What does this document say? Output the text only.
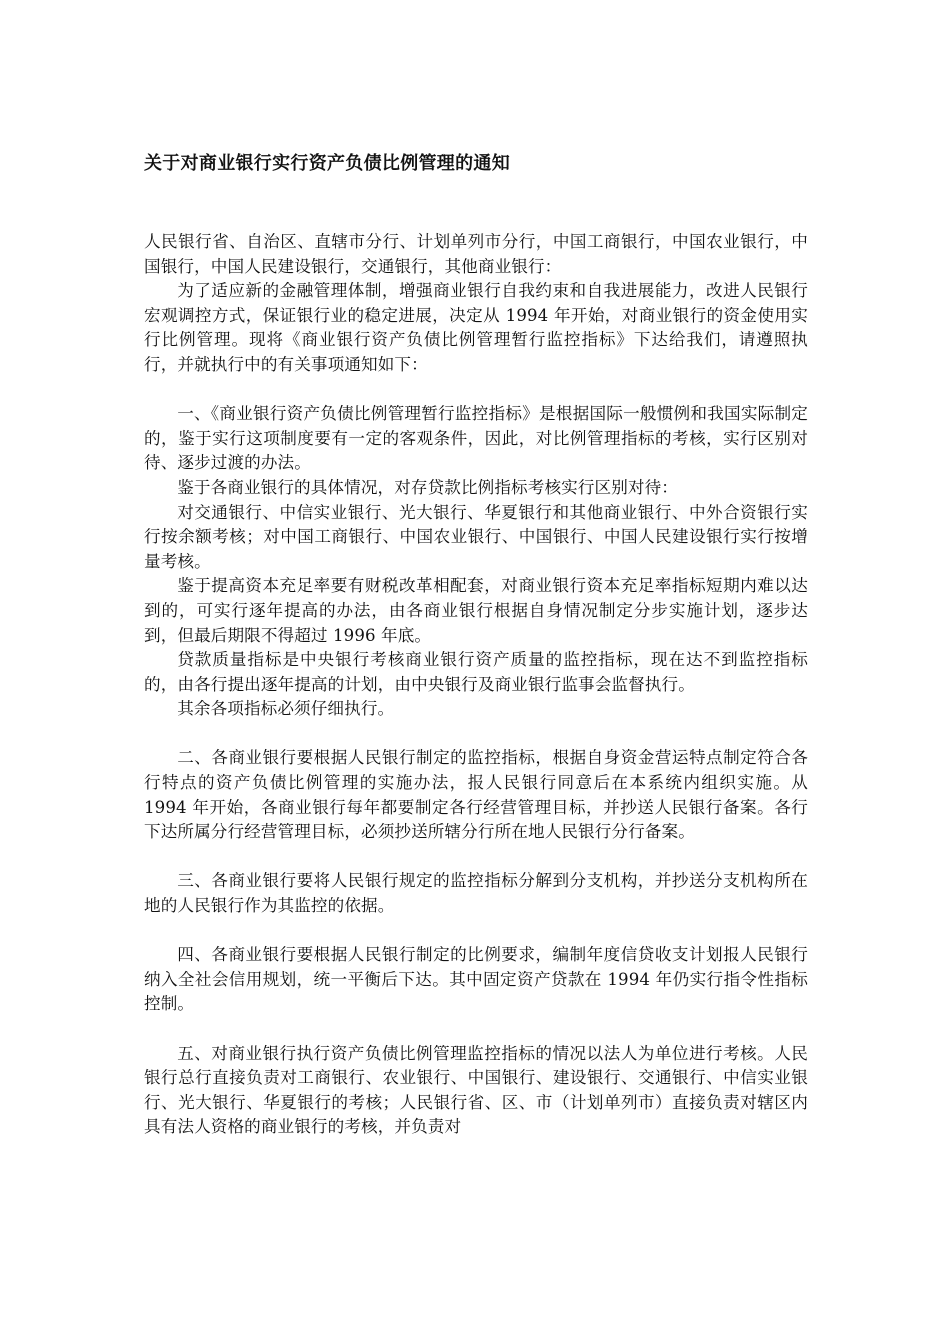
关于对商业银行实行资产负债比例管理的通知

人民银行省、自治区、直辖市分行、计划单列市分行，中国工商银行，中国农业银行，中国银行，中国人民建设银行，交通银行，其他商业银行：

为了适应新的金融管理体制，增强商业银行自我约束和自我进展能力，改进人民银行宏观调控方式，保证银行业的稳定进展，决定从 1994 年开始，对商业银行的资金使用实行比例管理。现将《商业银行资产负债比例管理暂行监控指标》下达给我们，请遵照执行，并就执行中的有关事项通知如下：

一、《商业银行资产负债比例管理暂行监控指标》是根据国际一般惯例和我国实际制定的，鉴于实行这项制度要有一定的客观条件，因此，对比例管理指标的考核，实行区别对待、逐步过渡的办法。

鉴于各商业银行的具体情况，对存贷款比例指标考核实行区别对待：

对交通银行、中信实业银行、光大银行、华夏银行和其他商业银行、中外合资银行实行按余额考核；对中国工商银行、中国农业银行、中国银行、中国人民建设银行实行按增量考核。

鉴于提高资本充足率要有财税改革相配套，对商业银行资本充足率指标短期内难以达到的，可实行逐年提高的办法，由各商业银行根据自身情况制定分步实施计划，逐步达到，但最后期限不得超过 1996 年底。

贷款质量指标是中央银行考核商业银行资产质量的监控指标，现在达不到监控指标的，由各行提出逐年提高的计划，由中央银行及商业银行监事会监督执行。

其余各项指标必须仔细执行。

二、各商业银行要根据人民银行制定的监控指标，根据自身资金营运特点制定符合各行特点的资产负债比例管理的实施办法，报人民银行同意后在本系统内组织实施。从 1994 年开始，各商业银行每年都要制定各行经营管理目标，并抄送人民银行备案。各行下达所属分行经营管理目标，必须抄送所辖分行所在地人民银行分行备案。

三、各商业银行要将人民银行规定的监控指标分解到分支机构，并抄送分支机构所在地的人民银行作为其监控的依据。

四、各商业银行要根据人民银行制定的比例要求，编制年度信贷收支计划报人民银行纳入全社会信用规划，统一平衡后下达。其中固定资产贷款在 1994 年仍实行指令性指标控制。

五、对商业银行执行资产负债比例管理监控指标的情况以法人为单位进行考核。人民银行总行直接负责对工商银行、农业银行、中国银行、建设银行、交通银行、中信实业银行、光大银行、华夏银行的考核；人民银行省、区、市（计划单列市）直接负责对辖区内具有法人资格的商业银行的考核，并负责对
